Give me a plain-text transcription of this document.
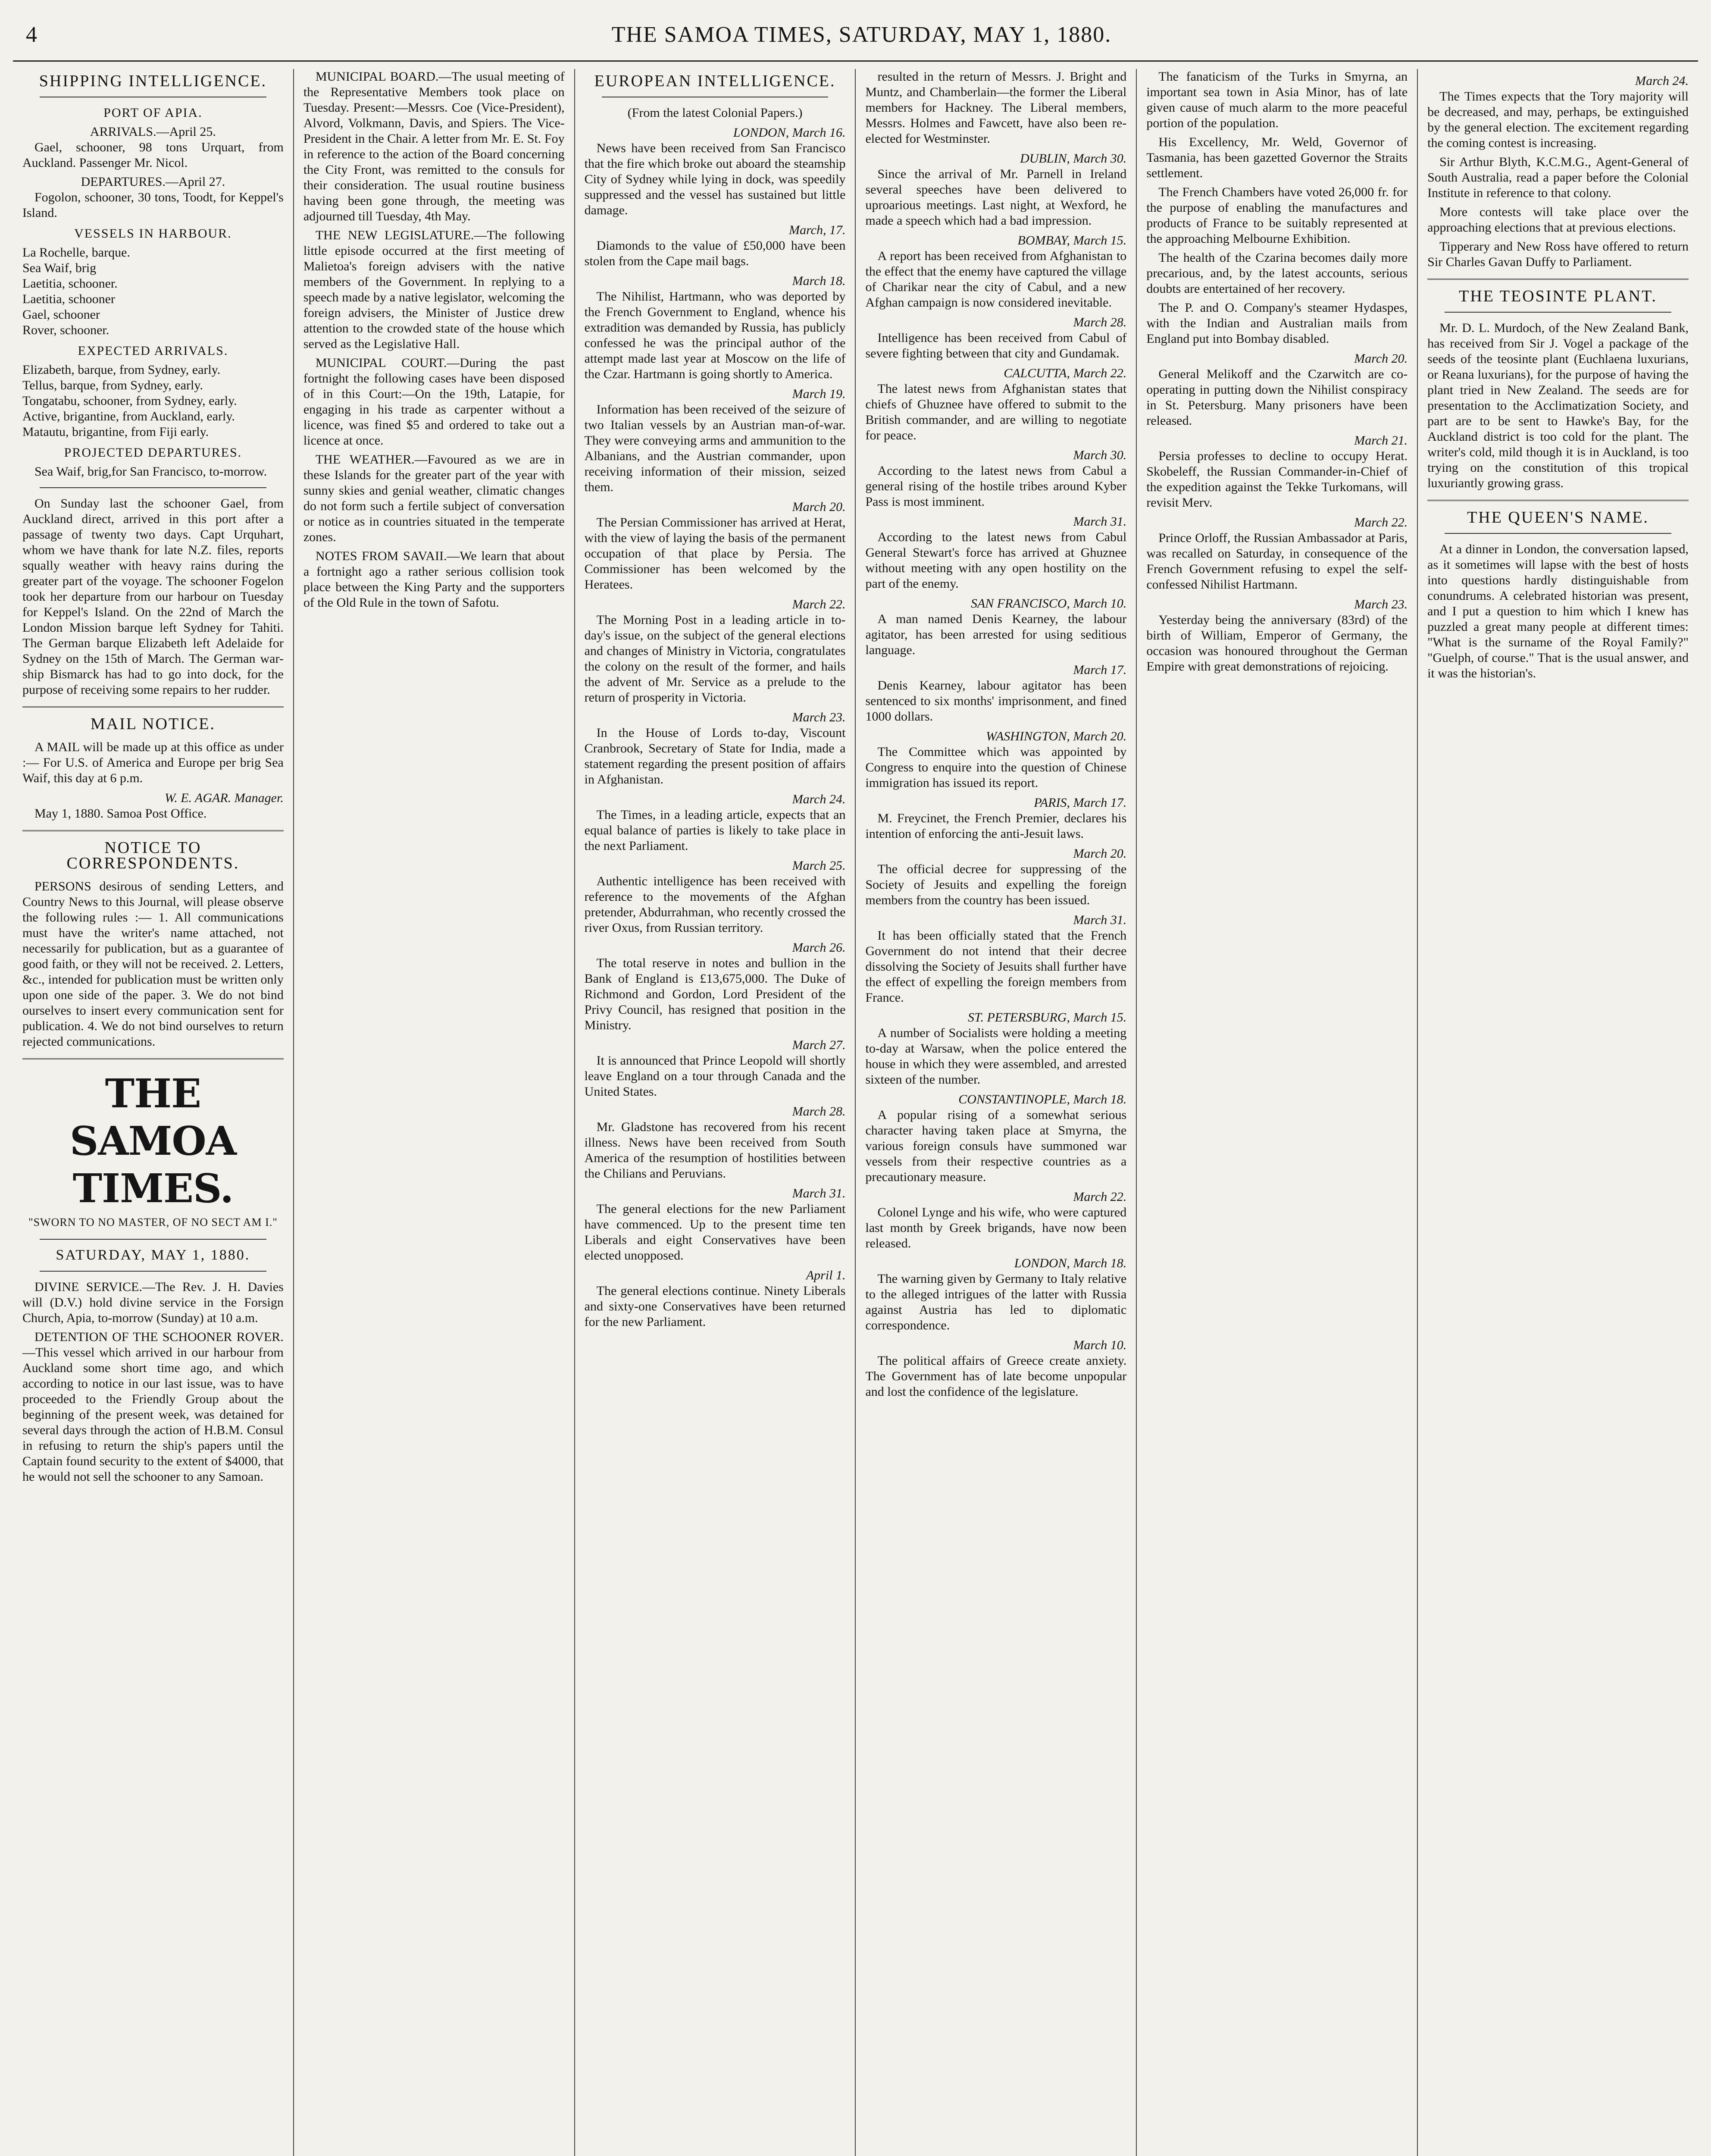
4	THE SAMOA TIMES, SATURDAY, MAY 1, 1880.
SHIPPING INTELLIGENCE.
PORT OF APIA.
ARRIVALS.—April 25.

Gael, schooner, 98 tons Urquart, from Auckland. Passenger Mr. Nicol.

DEPARTURES.—April 27.

Fogolon, schooner, 30 tons, Toodt, for Keppel's Island.

VESSELS IN HARBOUR.
La Rochelle, barque.
Sea Waif, brig
Laetitia, schooner.
Laetitia, schooner
Gael, schooner
Rover, schooner.
EXPECTED ARRIVALS.
Elizabeth, barque, from Sydney, early.
Tellus, barque, from Sydney, early.
Tongatabu, schooner, from Sydney, early.
Active, brigantine, from Auckland, early.
Matautu, brigantine, from Fiji early.
PROJECTED DEPARTURES.

Sea Waif, brig,for San Francisco, to-morrow.

On Sunday last the schooner Gael, from Auckland direct, arrived in this port after a passage of twenty two days. Capt Urquhart, whom we have thank for late N.Z. files, reports squally weather with heavy rains during the greater part of the voyage. The schooner Fogelon took her departure from our harbour on Tuesday for Keppel's Island. On the 22nd of March the London Mission barque left Sydney for Tahiti. The German barque Elizabeth left Adelaide for Sydney on the 15th of March. The German war-ship Bismarck has had to go into dock, for the purpose of receiving some repairs to her rudder.

MAIL NOTICE.

A MAIL will be made up at this office as under :— For U.S. of America and Europe per brig Sea Waif, this day at 6 p.m.

W. E. AGAR. Manager.

May 1, 1880. Samoa Post Office.

NOTICE TO CORRESPONDENTS.

PERSONS desirous of sending Letters, and Country News to this Journal, will please observe the following rules :— 1. All communications must have the writer's name attached, not necessarily for publication, but as a guarantee of good faith, or they will not be received. 2. Letters, &c., intended for publication must be written only upon one side of the paper. 3. We do not bind ourselves to insert every communication sent for publication. 4. We do not bind ourselves to return rejected communications.

THE SAMOA TIMES.
"SWORN TO NO MASTER, OF NO SECT AM I."
SATURDAY, MAY 1, 1880.

DIVINE SERVICE.—The Rev. J. H. Davies will (D.V.) hold divine service in the Forsign Church, Apia, to-morrow (Sunday) at 10 a.m.

DETENTION OF THE SCHOONER ROVER.—This vessel which arrived in our harbour from Auckland some short time ago, and which according to notice in our last issue, was to have proceeded to the Friendly Group about the beginning of the present week, was detained for several days through the action of H.B.M. Consul in refusing to return the ship's papers until the Captain found security to the extent of $4000, that he would not sell the schooner to any Samoan.

MUNICIPAL BOARD.—The usual meeting of the Representative Members took place on Tuesday. Present:—Messrs. Coe (Vice-President), Alvord, Volkmann, Davis, and Spiers. The Vice-President in the Chair. A letter from Mr. E. St. Foy in reference to the action of the Board concerning the City Front, was remitted to the consuls for their consideration. The usual routine business having been gone through, the meeting was adjourned till Tuesday, 4th May.

THE NEW LEGISLATURE.—The following little episode occurred at the first meeting of Malietoa's foreign advisers with the native members of the Government. In replying to a speech made by a native legislator, welcoming the foreign advisers, the Minister of Justice drew attention to the crowded state of the house which served as the Legislative Hall.

MUNICIPAL COURT.—During the past fortnight the following cases have been disposed of in this Court:—On the 19th, Latapie, for engaging in his trade as carpenter without a licence, was fined $5 and ordered to take out a licence at once.

THE WEATHER.—Favoured as we are in these Islands for the greater part of the year with sunny skies and genial weather, climatic changes do not form such a fertile subject of conversation or notice as in countries situated in the temperate zones.

NOTES FROM SAVAII.—We learn that about a fortnight ago a rather serious collision took place between the King Party and the supporters of the Old Rule in the town of Safotu.

EUROPEAN INTELLIGENCE.
(From the latest Colonial Papers.)
LONDON, March 16.

News have been received from San Francisco that the fire which broke out aboard the steamship City of Sydney while lying in dock, was speedily suppressed and the vessel has sustained but little damage.

March, 17.

Diamonds to the value of £50,000 have been stolen from the Cape mail bags.

March 18.

The Nihilist, Hartmann, who was deported by the French Government to England, whence his extradition was demanded by Russia, has publicly confessed he was the principal author of the attempt made last year at Moscow on the life of the Czar. Hartmann is going shortly to America.

March 19.

Information has been received of the seizure of two Italian vessels by an Austrian man-of-war. They were conveying arms and ammunition to the Albanians, and the Austrian commander, upon receiving information of their mission, seized them.

March 20.

The Persian Commissioner has arrived at Herat, with the view of laying the basis of the permanent occupation of that place by Persia. The Commissioner has been welcomed by the Heratees.

March 22.

The Morning Post in a leading article in to-day's issue, on the subject of the general elections and changes of Ministry in Victoria, congratulates the colony on the result of the former, and hails the advent of Mr. Service as a prelude to the return of prosperity in Victoria.

March 23.

In the House of Lords to-day, Viscount Cranbrook, Secretary of State for India, made a statement regarding the present position of affairs in Afghanistan.

March 24.

The Times, in a leading article, expects that an equal balance of parties is likely to take place in the next Parliament.

March 25.

Authentic intelligence has been received with reference to the movements of the Afghan pretender, Abdurrahman, who recently crossed the river Oxus, from Russian territory.

March 26.

The total reserve in notes and bullion in the Bank of England is £13,675,000. The Duke of Richmond and Gordon, Lord President of the Privy Council, has resigned that position in the Ministry.

March 27.

It is announced that Prince Leopold will shortly leave England on a tour through Canada and the United States.

March 28.

Mr. Gladstone has recovered from his recent illness. News have been received from South America of the resumption of hostilities between the Chilians and Peruvians.

March 31.

The general elections for the new Parliament have commenced. Up to the present time ten Liberals and eight Conservatives have been elected unopposed.

April 1.

The general elections continue. Ninety Liberals and sixty-one Conservatives have been returned for the new Parliament.

resulted in the return of Messrs. J. Bright and Muntz, and Chamberlain—the former the Liberal members for Hackney. The Liberal members, Messrs. Holmes and Fawcett, have also been re-elected for Westminster.

DUBLIN, March 30.

Since the arrival of Mr. Parnell in Ireland several speeches have been delivered to uproarious meetings. Last night, at Wexford, he made a speech which had a bad impression.

BOMBAY, March 15.

A report has been received from Afghanistan to the effect that the enemy have captured the village of Charikar near the city of Cabul, and a new Afghan campaign is now considered inevitable.

March 28.

Intelligence has been received from Cabul of severe fighting between that city and Gundamak.

CALCUTTA, March 22.

The latest news from Afghanistan states that chiefs of Ghuznee have offered to submit to the British commander, and are willing to negotiate for peace.

March 30.

According to the latest news from Cabul a general rising of the hostile tribes around Kyber Pass is most imminent.

March 31.

According to the latest news from Cabul General Stewart's force has arrived at Ghuznee without meeting with any open hostility on the part of the enemy.

SAN FRANCISCO, March 10.

A man named Denis Kearney, the labour agitator, has been arrested for using seditious language.

March 17.

Denis Kearney, labour agitator has been sentenced to six months' imprisonment, and fined 1000 dollars.

WASHINGTON, March 20.

The Committee which was appointed by Congress to enquire into the question of Chinese immigration has issued its report.

PARIS, March 17.

M. Freycinet, the French Premier, declares his intention of enforcing the anti-Jesuit laws.

March 20.

The official decree for suppressing of the Society of Jesuits and expelling the foreign members from the country has been issued.

March 31.

It has been officially stated that the French Government do not intend that their decree dissolving the Society of Jesuits shall further have the effect of expelling the foreign members from France.

ST. PETERSBURG, March 15.

A number of Socialists were holding a meeting to-day at Warsaw, when the police entered the house in which they were assembled, and arrested sixteen of the number.

CONSTANTINOPLE, March 18.

A popular rising of a somewhat serious character having taken place at Smyrna, the various foreign consuls have summoned war vessels from their respective countries as a precautionary measure.

March 22.

Colonel Lynge and his wife, who were captured last month by Greek brigands, have now been released.

LONDON, March 18.

The warning given by Germany to Italy relative to the alleged intrigues of the latter with Russia against Austria has led to diplomatic correspondence.

March 10.

The political affairs of Greece create anxiety. The Government has of late become unpopular and lost the confidence of the legislature.

The fanaticism of the Turks in Smyrna, an important sea town in Asia Minor, has of late given cause of much alarm to the more peaceful portion of the population.

His Excellency, Mr. Weld, Governor of Tasmania, has been gazetted Governor the Straits settlement.

The French Chambers have voted 26,000 fr. for the purpose of enabling the manufactures and products of France to be suitably represented at the approaching Melbourne Exhibition.

The health of the Czarina becomes daily more precarious, and, by the latest accounts, serious doubts are entertained of her recovery.

The P. and O. Company's steamer Hydaspes, with the Indian and Australian mails from England put into Bombay disabled.

March 20.

General Melikoff and the Czarwitch are co-operating in putting down the Nihilist conspiracy in St. Petersburg. Many prisoners have been released.

March 21.

Persia professes to decline to occupy Herat. Skobeleff, the Russian Commander-in-Chief of the expedition against the Tekke Turkomans, will revisit Merv.

March 22.

Prince Orloff, the Russian Ambassador at Paris, was recalled on Saturday, in consequence of the French Government refusing to expel the self-confessed Nihilist Hartmann.

March 23.

Yesterday being the anniversary (83rd) of the birth of William, Emperor of Germany, the occasion was honoured throughout the German Empire with great demonstrations of rejoicing.

March 24.

The Times expects that the Tory majority will be decreased, and may, perhaps, be extinguished by the general election. The excitement regarding the coming contest is increasing.

Sir Arthur Blyth, K.C.M.G., Agent-General of South Australia, read a paper before the Colonial Institute in reference to that colony.

More contests will take place over the approaching elections that at previous elections.

Tipperary and New Ross have offered to return Sir Charles Gavan Duffy to Parliament.

THE TEOSINTE PLANT.

Mr. D. L. Murdoch, of the New Zealand Bank, has received from Sir J. Vogel a package of the seeds of the teosinte plant (Euchlaena luxurians, or Reana luxurians), for the purpose of having the plant tried in New Zealand. The seeds are for presentation to the Acclimatization Society, and part are to be sent to Hawke's Bay, for the Auckland district is too cold for the plant. The writer's cold, mild though it is in Auckland, is too trying on the constitution of this tropical luxuriantly growing grass.

THE QUEEN'S NAME.

At a dinner in London, the conversation lapsed, as it sometimes will lapse with the best of hosts into questions hardly distinguishable from conundrums. A celebrated historian was present, and I put a question to him which I knew has puzzled a great many people at different times: "What is the surname of the Royal Family?" "Guelph, of course." That is the usual answer, and it was the historian's.
